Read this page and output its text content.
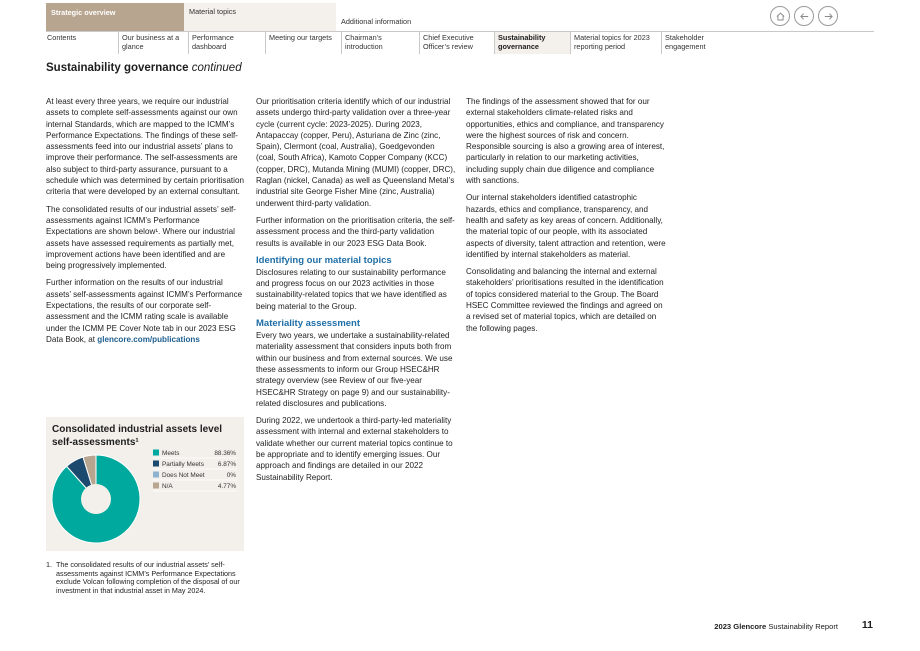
Strategic overview	Material topics
Additional information
Contents	Our business at a glance
Performance dashboard
Meeting our targets	Chairman’s introduction
Chief Executive Officer’s review
Sustainability governance
Material topics for 2023 reporting period
Stakeholder engagement
Sustainability governance continued

At least every three years, we require our industrial assets to complete self-assessments against our own internal Standards, which are mapped to the ICMM’s Performance Expectations. The findings of these self-assessments feed into our industrial assets’ plans to improve their performance. The self-assessments are also subject to third-party assurance, pursuant to a schedule which was determined by certain prioritisation criteria that were developed by an external consultant.

The consolidated results of our industrial assets’ self-assessments against ICMM’s Performance Expectations are shown below¹. Where our industrial assets have assessed requirements as partially met, improvement actions have been identified and are being progressively implemented.

Further information on the results of our industrial assets’ self-assessments against ICMM’s Performance Expectations, the results of our corporate self-assessment and the ICMM rating scale is available under the ICMM PE Cover Note tab in our 2023 ESG Data Book, at glencore.com/publications

Consolidated industrial assets level self-assessments¹
Meets	88.36%
Partially Meets 6.87%
Does Not Meet	0%
N/A	4.77%
1. The consolidated results of our industrial assets’ self-assessments against ICMM’s Performance Expectations exclude Volcan following completion of the disposal of our investment in that industrial asset in May 2024.

Our prioritisation criteria identify which of our industrial assets undergo third-party validation over a three-year cycle (current cycle: 2023-2025). During 2023, Antapaccay (copper, Peru), Asturiana de Zinc (zinc, Spain), Clermont (coal, Australia), Goedgevonden (coal, South Africa), Kamoto Copper Company (KCC) (copper, DRC), Mutanda Mining (MUMI) (copper, DRC), Raglan (nickel, Canada) as well as Queensland Metal’s industrial site George Fisher Mine (zinc, Australia) underwent third-party validation.

Further information on the prioritisation criteria, the self-assessment process and the third-party validation results is available in our 2023 ESG Data Book.

Identifying our material topics

Disclosures relating to our sustainability performance and progress focus on our 2023 activities in those sustainability-related topics that we have identified as being material to the Group.

Materiality assessment

Every two years, we undertake a sustainability-related materiality assessment that considers inputs both from within our business and from external sources. We use these assessments to inform our Group HSEC&HR strategy overview (see Review of our five-year HSEC&HR Strategy on page 9) and our sustainability-related disclosures and publications.

During 2022, we undertook a third-party-led materiality assessment with internal and external stakeholders to validate whether our current material topics continue to be appropriate and to identify emerging issues. Our approach and findings are detailed in our 2022 Sustainability Report.

The findings of the assessment showed that for our external stakeholders climate-related risks and opportunities, ethics and compliance, and transparency were the highest sources of risk and concern. Responsible sourcing is also a growing area of interest, particularly in relation to our marketing activities, including supply chain due diligence and compliance with sanctions.

Our internal stakeholders identified catastrophic hazards, ethics and compliance, transparency, and health and safety as key areas of concern. Additionally, the material topic of our people, with its associated aspects of diversity, talent attraction and retention, were identified by internal stakeholders as material.

Consolidating and balancing the internal and external stakeholders’ prioritisations resulted in the identification of topics considered material to the Group. The Board HSEC Committee reviewed the findings and agreed on a revised set of material topics, which are detailed on the following pages.

2023 Glencore Sustainability Report 11
